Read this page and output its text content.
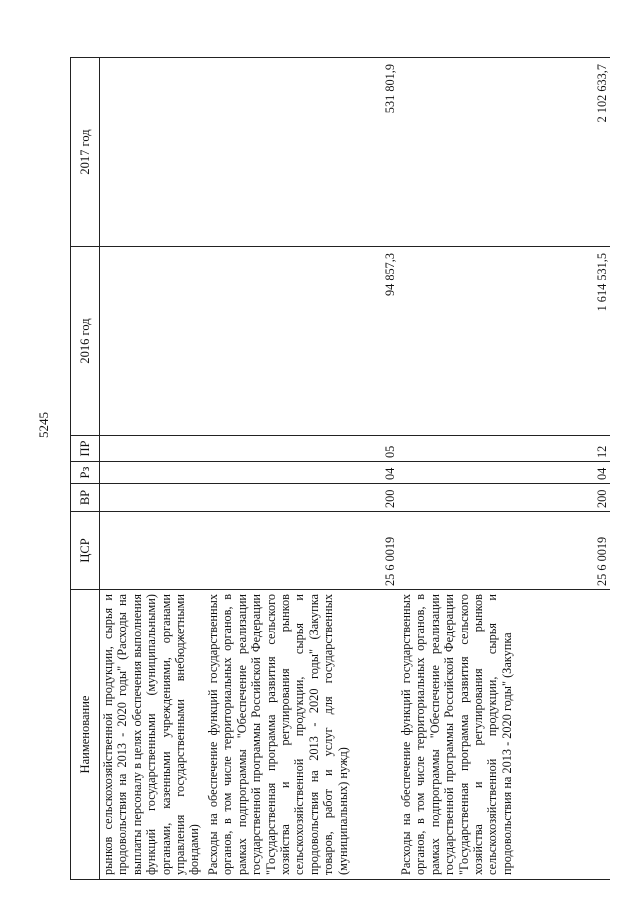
5245
Наименование	ЦСР	ВР	Рз	ПР	2016 год	2017 год
рынков сельскохозяйственной продукции, сырья и продовольствия на 2013 - 2020 годы" (Расходы на выплаты персоналу в целях обеспечения выполнения функций государственными (муниципальными) органами, казенными учреждениями, органами управления государственными внебюджетными фондами)						
Расходы на обеспечение функций государственных органов, в том числе территориальных органов, в рамках подпрограммы "Обеспечение реализации государственной программы Российской Федерации "Государственная программа развития сельского хозяйства и регулирования рынков сельскохозяйственной продукции, сырья и продовольствия на 2013 - 2020 годы" (Закупка товаров, работ и услуг для государственных (муниципальных) нужд)	25 6 0019	200	04	05	94 857,3	531 801,9
Расходы на обеспечение функций государственных органов, в том числе территориальных органов, в рамках подпрограммы "Обеспечение реализации государственной программы Российской Федерации "Государственная программа развития сельского хозяйства и регулирования рынков сельскохозяйственной продукции, сырья и продовольствия на 2013 - 2020 годы" (Закупка	25 6 0019	200	04	12	1 614 531,5	2 102 633,7
